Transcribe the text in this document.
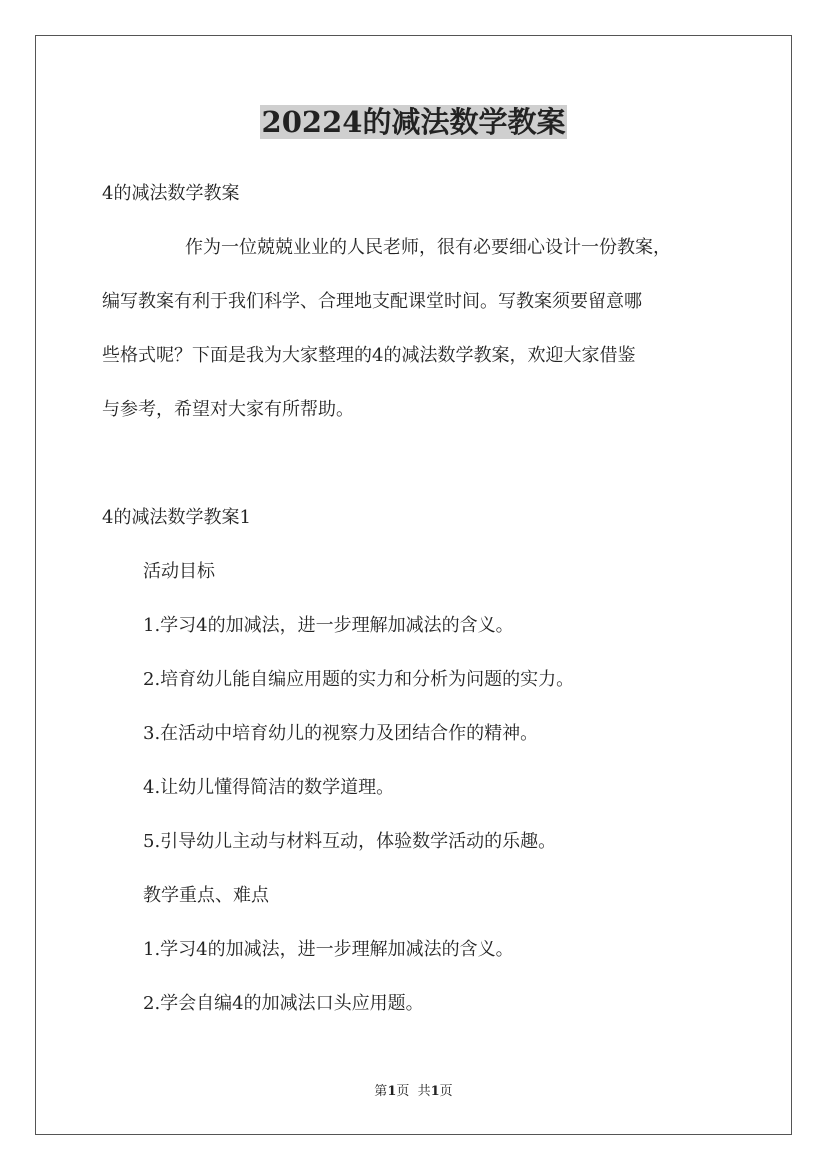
20224的减法数学教案
4的减法数学教案
作为一位兢兢业业的人民老师，很有必要细心设计一份教案，
编写教案有利于我们科学、合理地支配课堂时间。写教案须要留意哪
些格式呢？下面是我为大家整理的4的减法数学教案，欢迎大家借鉴
与参考，希望对大家有所帮助。
4的减法数学教案1
活动目标
1.学习4的加减法，进一步理解加减法的含义。
2.培育幼儿能自编应用题的实力和分析为问题的实力。
3.在活动中培育幼儿的视察力及团结合作的精神。
4.让幼儿懂得简洁的数学道理。
5.引导幼儿主动与材料互动，体验数学活动的乐趣。
教学重点、难点
1.学习4的加减法，进一步理解加减法的含义。
2.学会自编4的加减法口头应用题。
第1页  共1页
